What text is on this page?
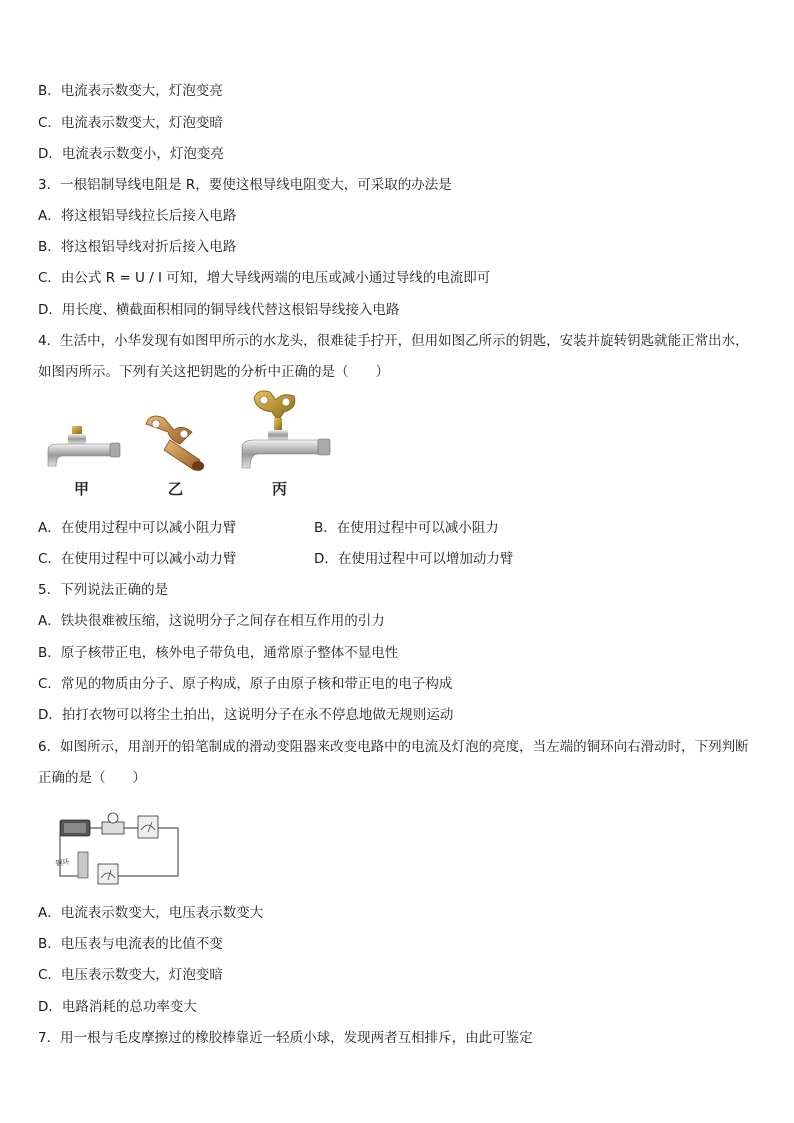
B．电流表示数变大，灯泡变亮
C．电流表示数变大，灯泡变暗
D．电流表示数变小，灯泡变亮
3．一根铝制导线电阻是 R，要使这根导线电阻变大，可采取的办法是
A．将这根铝导线拉长后接入电路
B．将这根铝导线对折后接入电路
C．由公式 R = U / I 可知，增大导线两端的电压或减小通过导线的电流即可
D．用长度、横截面积相同的铜导线代替这根铝导线接入电路
4．生活中，小华发现有如图甲所示的水龙头，很难徒手拧开，但用如图乙所示的钥匙，安装并旋转钥匙就能正常出水，如图丙所示。下列有关这把钥匙的分析中正确的是（　　）
甲	乙	丙
A．在使用过程中可以减小阻力臂	B．在使用过程中可以减小阻力
C．在使用过程中可以减小动力臂	D．在使用过程中可以增加动力臂
5．下列说法正确的是
A．铁块很难被压缩，这说明分子之间存在相互作用的引力
B．原子核带正电，核外电子带负电，通常原子整体不显电性
C．常见的物质由分子、原子构成，原子由原子核和带正电的电子构成
D．拍打衣物可以将尘土拍出，这说明分子在永不停息地做无规则运动
6．如图所示，用剖开的铅笔制成的滑动变阻器来改变电路中的电流及灯泡的亮度，当左端的铜环向右滑动时，下列判断正确的是（　　）
铜环
A．电流表示数变大，电压表示数变大
B．电压表与电流表的比值不变
C．电压表示数变大，灯泡变暗
D．电路消耗的总功率变大
7．用一根与毛皮摩擦过的橡胶棒靠近一轻质小球，发现两者互相排斥，由此可鉴定
